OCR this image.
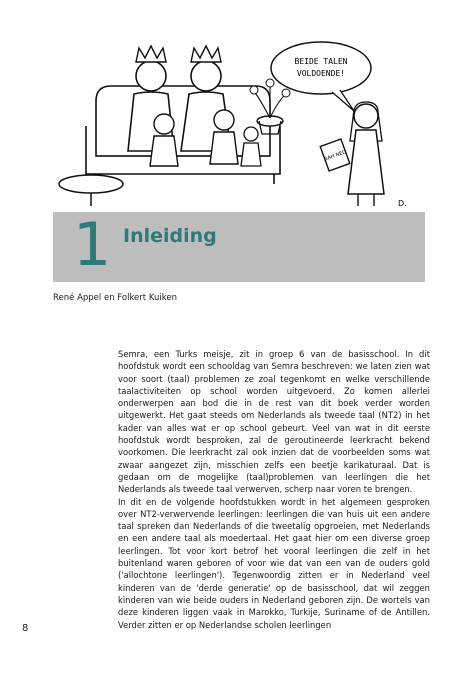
BEIDE TALEN
VOLDOENDE!
BAH NED
D.
1 Inleiding
René Appel en Folkert Kuiken

Semra, een Turks meisje, zit in groep 6 van de basisschool. In dit hoofdstuk wordt een schooldag van Semra beschreven: we laten zien wat voor soort (taal) problemen ze zoal tegenkomt en welke verschillende taalactiviteiten op school worden uitgevoerd. Zo komen allerlei onderwerpen aan bod die in de rest van dit boek verder worden uitgewerkt. Het gaat steeds om Nederlands als tweede taal (NT2) in het kader van alles wat er op school gebeurt. Veel van wat in dit eerste hoofdstuk wordt besproken, zal de geroutineerde leerkracht bekend voorkomen. Die leerkracht zal ook inzien dat de voorbeelden soms wat zwaar aangezet zijn, misschien zelfs een beetje karikaturaal. Dat is gedaan om de mogelijke (taal)problemen van leerlingen die het Nederlands als tweede taal verwerven, scherp naar voren te brengen.

In dit en de volgende hoofdstukken wordt in het algemeen gesproken over NT2-verwervende leerlingen: leerlingen die van huis uit een andere taal spreken dan Nederlands of die tweetalig opgroeien, met Nederlands en een andere taal als moedertaal. Het gaat hier om een diverse groep leerlingen. Tot voor kort betrof het vooral leerlingen die zelf in het buitenland waren geboren of voor wie dat van een van de ouders gold ('allochtone leerlingen'). Tegenwoordig zitten er in Nederland veel kinderen van de 'derde generatie' op de basisschool, dat wil zeggen kinderen van wie beide ouders in Nederland geboren zijn. De wortels van deze kinderen liggen vaak in Marokko, Turkije, Suriname of de Antillen. Verder zitten er op Nederlandse scholen leerlingen

8
